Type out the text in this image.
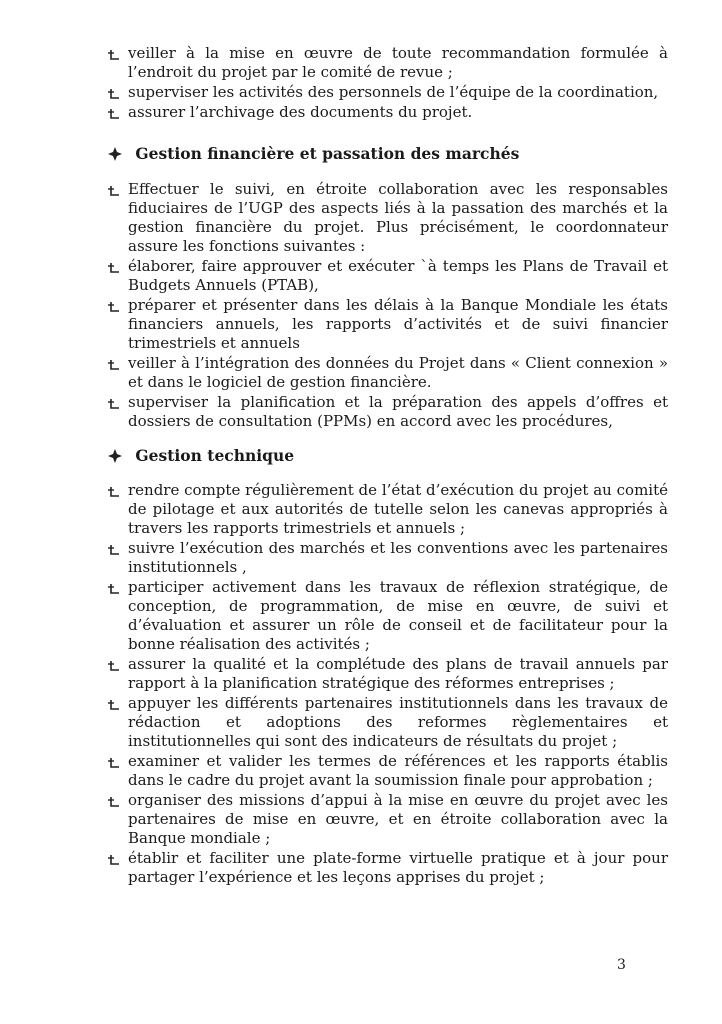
veiller à la mise en œuvre de toute recommandation formulée à l’endroit du projet par le comité de revue ;
superviser les activités des personnels de l’équipe de la coordination,
assurer l’archivage des documents du projet.
Gestion financière et passation des marchés
Effectuer le suivi, en étroite collaboration avec les responsables fiduciaires de l’UGP des aspects liés à la passation des marchés et la gestion financière du projet. Plus précisément, le coordonnateur assure les fonctions suivantes :
élaborer, faire approuver et exécuter `à temps les Plans de Travail et Budgets Annuels (PTAB),
préparer et présenter dans les délais à la Banque Mondiale les états financiers annuels, les rapports d’activités et de suivi financier trimestriels et annuels
veiller à l’intégration des données du Projet dans « Client connexion » et dans le logiciel de gestion financière.
superviser la planification et la préparation des appels d’offres et dossiers de consultation (PPMs) en accord avec les procédures,
Gestion technique
rendre compte régulièrement de l’état d’exécution du projet au comité de pilotage et aux autorités de tutelle selon les canevas appropriés à travers les rapports trimestriels et annuels ;
suivre l’exécution des marchés et les conventions avec les partenaires institutionnels ,
participer activement dans les travaux de réflexion stratégique, de conception, de programmation, de mise en œuvre, de suivi et d’évaluation et assurer un rôle de conseil et de facilitateur pour la bonne réalisation des activités ;
assurer la qualité et la complétude des plans de travail annuels par rapport à la planification stratégique des réformes entreprises ;
appuyer les différents partenaires institutionnels dans les travaux de rédaction et adoptions des reformes règlementaires et institutionnelles qui sont des indicateurs de résultats du projet ;
examiner et valider les termes de références et les rapports établis dans le cadre du projet avant la soumission finale pour approbation ;
organiser des missions d’appui à la mise en œuvre du projet avec les partenaires de mise en œuvre, et en étroite collaboration avec la Banque mondiale ;
établir et faciliter une plate-forme virtuelle pratique et à jour pour partager l’expérience et les leçons apprises du projet ;
3
